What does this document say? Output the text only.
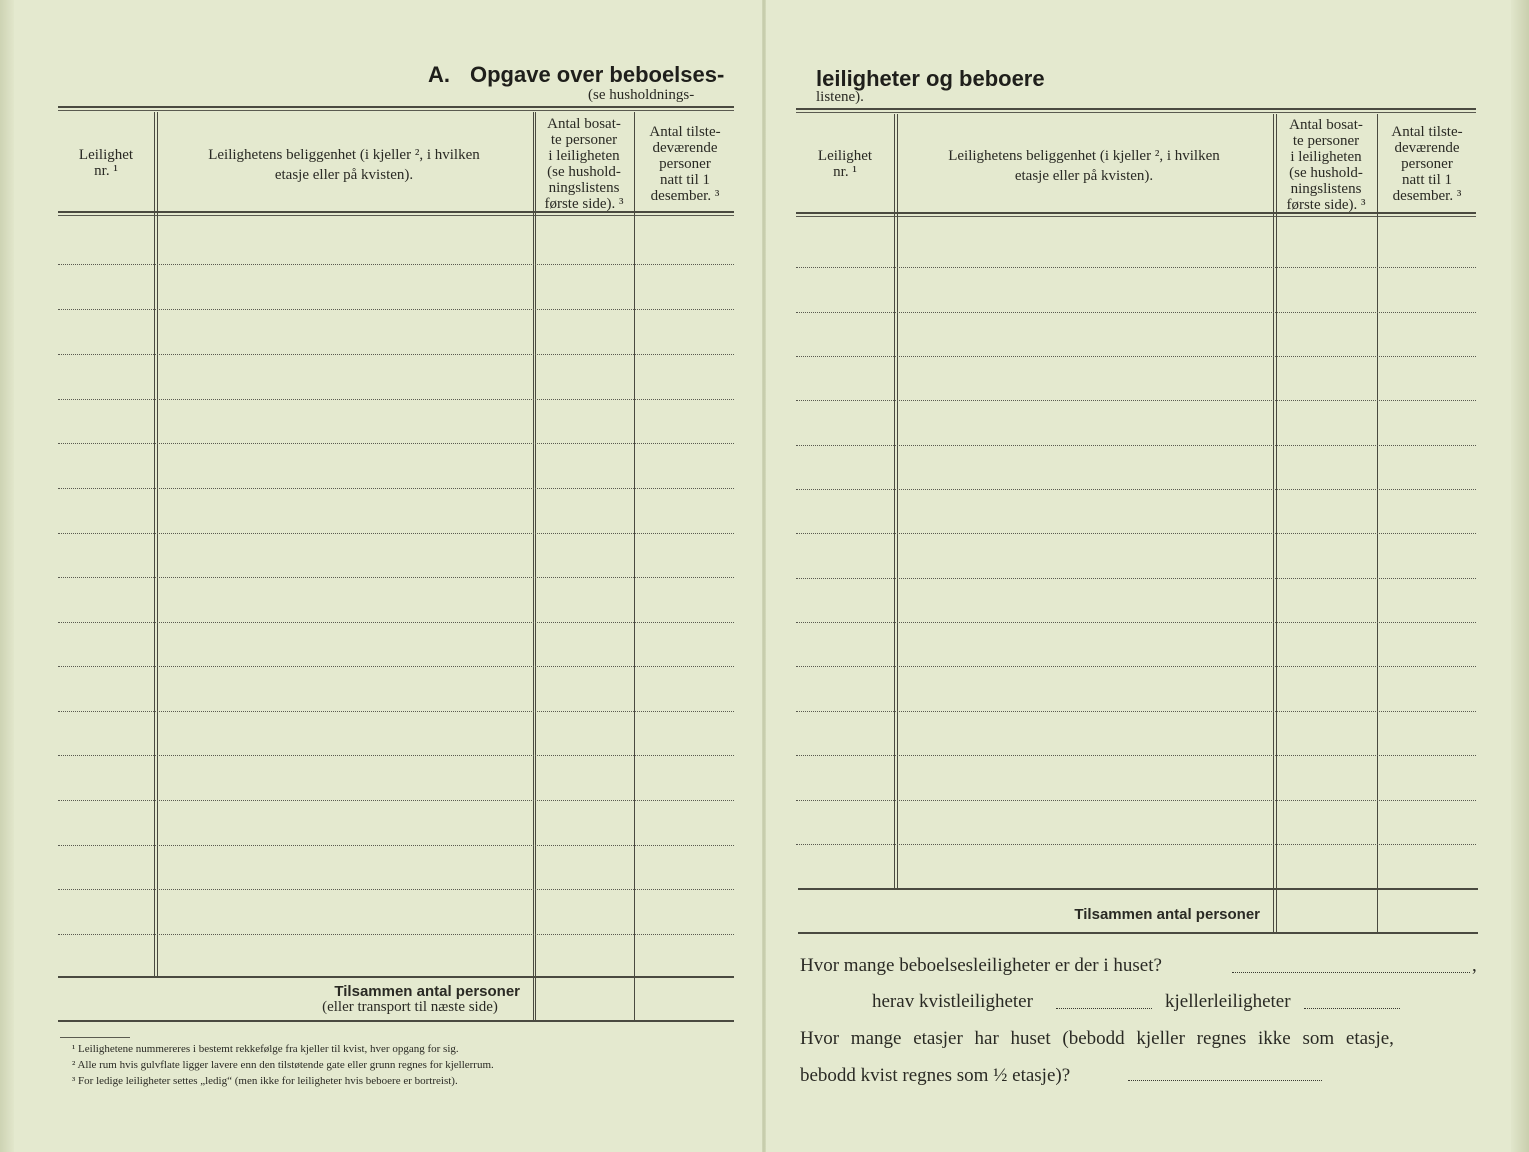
A. Opgave over beboelses-
(se husholdnings-
Leilighet
nr. ¹
Leilighetens beliggenhet (i kjeller ², i hvilken
etasje eller på kvisten).
Antal bosat-
te personer
i leiligheten
(se hushold-
ningslistens
første side). ³
Antal tilste-
deværende
personer
natt til 1
desember. ³
Tilsammen antal personer
(eller transport til næste side)
¹ Leilighetene nummereres i bestemt rekkefølge fra kjeller til kvist, hver opgang for sig.
² Alle rum hvis gulvflate ligger lavere enn den tilstøtende gate eller grunn regnes for kjellerrum.
³ For ledige leiligheter settes „ledig“ (men ikke for leiligheter hvis beboere er bortreist).
leiligheter og beboere
listene).
Leilighet
nr. ¹
Leilighetens beliggenhet (i kjeller ², i hvilken
etasje eller på kvisten).
Antal bosat-
te personer
i leiligheten
(se hushold-
ningslistens
første side). ³
Antal tilste-
deværende
personer
natt til 1
desember. ³
Tilsammen antal personer
Hvor mange beboelsesleiligheter er der i huset?	,
herav kvistleiligheter	kjellerleiligheter
Hvor mange etasjer har huset (bebodd kjeller regnes ikke som etasje,
bebodd kvist regnes som ½ etasje)?
